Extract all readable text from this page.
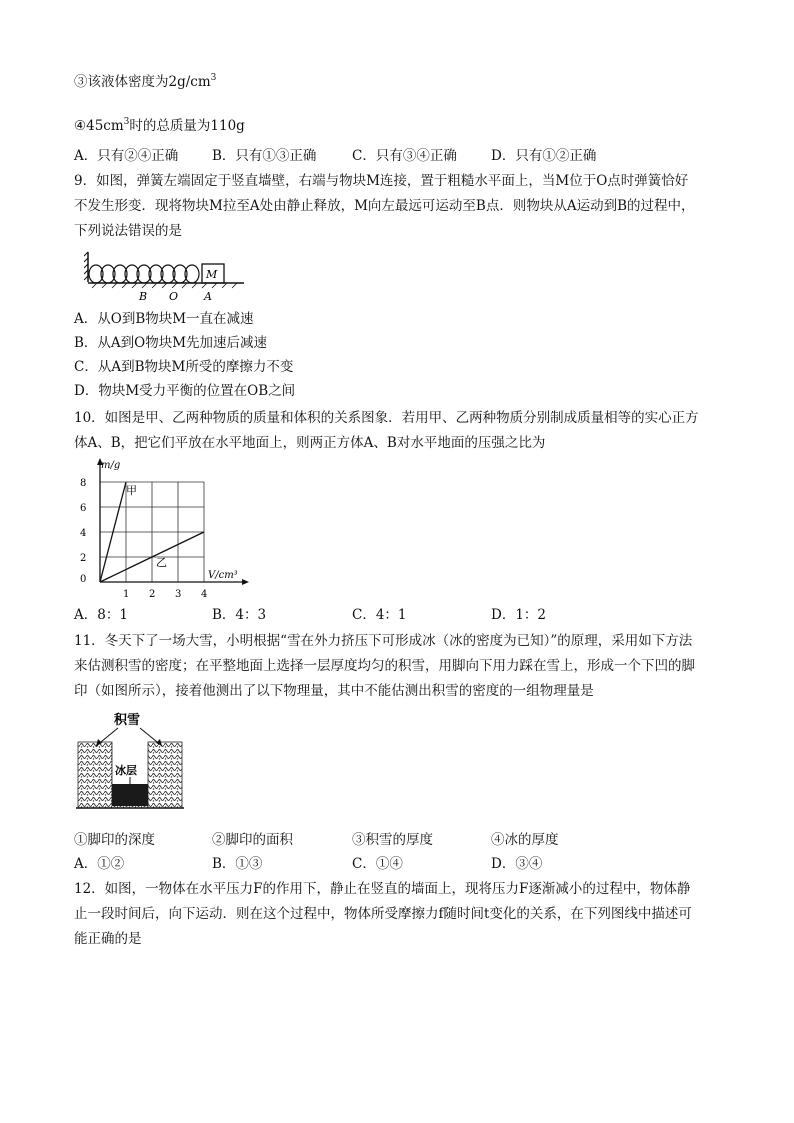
③该液体密度为$2g/cm^3$
$④45cm^3$时的总质量为110g
A．只有②④正确	B．只有①③正确	C．只有③④正确	D．只有①②正确
9．如图，弹簧左端固定于竖直墙壁，右端与物块M连接，置于粗糙水平面上，当M位于O点时弹簧恰好
不发生形变．现将物块M拉至A处由静止释放，M向左最远可运动至B点．则物块从A运动到B的过程中，
下列说法错误的是
M
B O A
A．从O到B物块M一直在减速
B．从A到O物块M先加速后减速
C．从A到B物块M所受的摩擦力不变
D．物块M受力平衡的位置在OB之间
10．如图是甲、乙两种物质的质量和体积的关系图象．若用甲、乙两种物质分别制成质量相等的实心正方
体A、B，把它们平放在水平地面上，则两正方体A、B对水平地面的压强之比为
1 2 3 4
0
2
4
6
8
m/g
V/cm³
甲
乙
A．8：1	B．4：3	C．4：1	D．1：2
11．冬天下了一场大雪，小明根据“雪在外力挤压下可形成冰（冰的密度为已知）”的原理，采用如下方法
来估测积雪的密度；在平整地面上选择一层厚度均匀的积雪，用脚向下用力踩在雪上，形成一个下凹的脚
印（如图所示），接着他测出了以下物理量，其中不能估测出积雪的密度的一组物理量是
积雪
冰层
①脚印的深度	②脚印的面积	③积雪的厚度	④冰的厚度
A．①②	B．①③	C．①④	D．③④
12．如图，一物体在水平压力F的作用下，静止在竖直的墙面上，现将压力F逐渐减小的过程中，物体静
止一段时间后，向下运动．则在这个过程中，物体所受摩擦力f随时间t变化的关系，在下列图线中描述可
能正确的是
